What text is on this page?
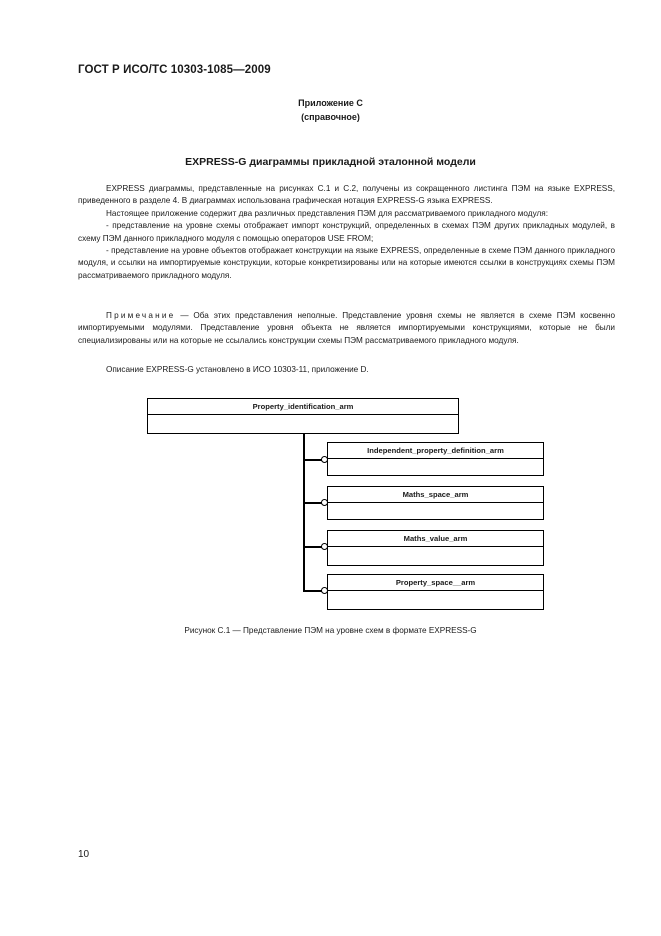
ГОСТ Р ИСО/ТС 10303-1085—2009
Приложение С
(справочное)
EXPRESS-G диаграммы прикладной эталонной модели

EXPRESS диаграммы, представленные на рисунках С.1 и С.2, получены из сокращенного листинга ПЭМ на языке EXPRESS, приведенного в разделе 4. В диаграммах использована графическая нотация EXPRESS-G языка EXPRESS.

Настоящее приложение содержит два различных представления ПЭМ для рассматриваемого прикладного модуля:

- представление на уровне схемы отображает импорт конструкций, определенных в схемах ПЭМ других прикладных модулей, в схему ПЭМ данного прикладного модуля с помощью операторов USE FROM;

- представление на уровне объектов отображает конструкции на языке EXPRESS, определенные в схеме ПЭМ данного прикладного модуля, и ссылки на импортируемые конструкции, которые конкретизированы или на которые имеются ссылки в конструкциях схемы ПЭМ рассматриваемого прикладного модуля.

Примечание — Оба этих представления неполные. Представление уровня схемы не является в схеме ПЭМ косвенно импортируемыми модулями. Представление уровня объекта не является импортируемыми конструкциями, которые не были специализированы или на которые не ссылались конструкции схемы ПЭМ рассматриваемого прикладного модуля.

Описание EXPRESS-G установлено в ИСО 10303-11, приложение D.

Property_identification_arm
Independent_property_definition_arm
Maths_space_arm
Maths_value_arm
Property_space__arm
Рисунок С.1 — Представление ПЭМ на уровне схем в формате EXPRESS-G
10
